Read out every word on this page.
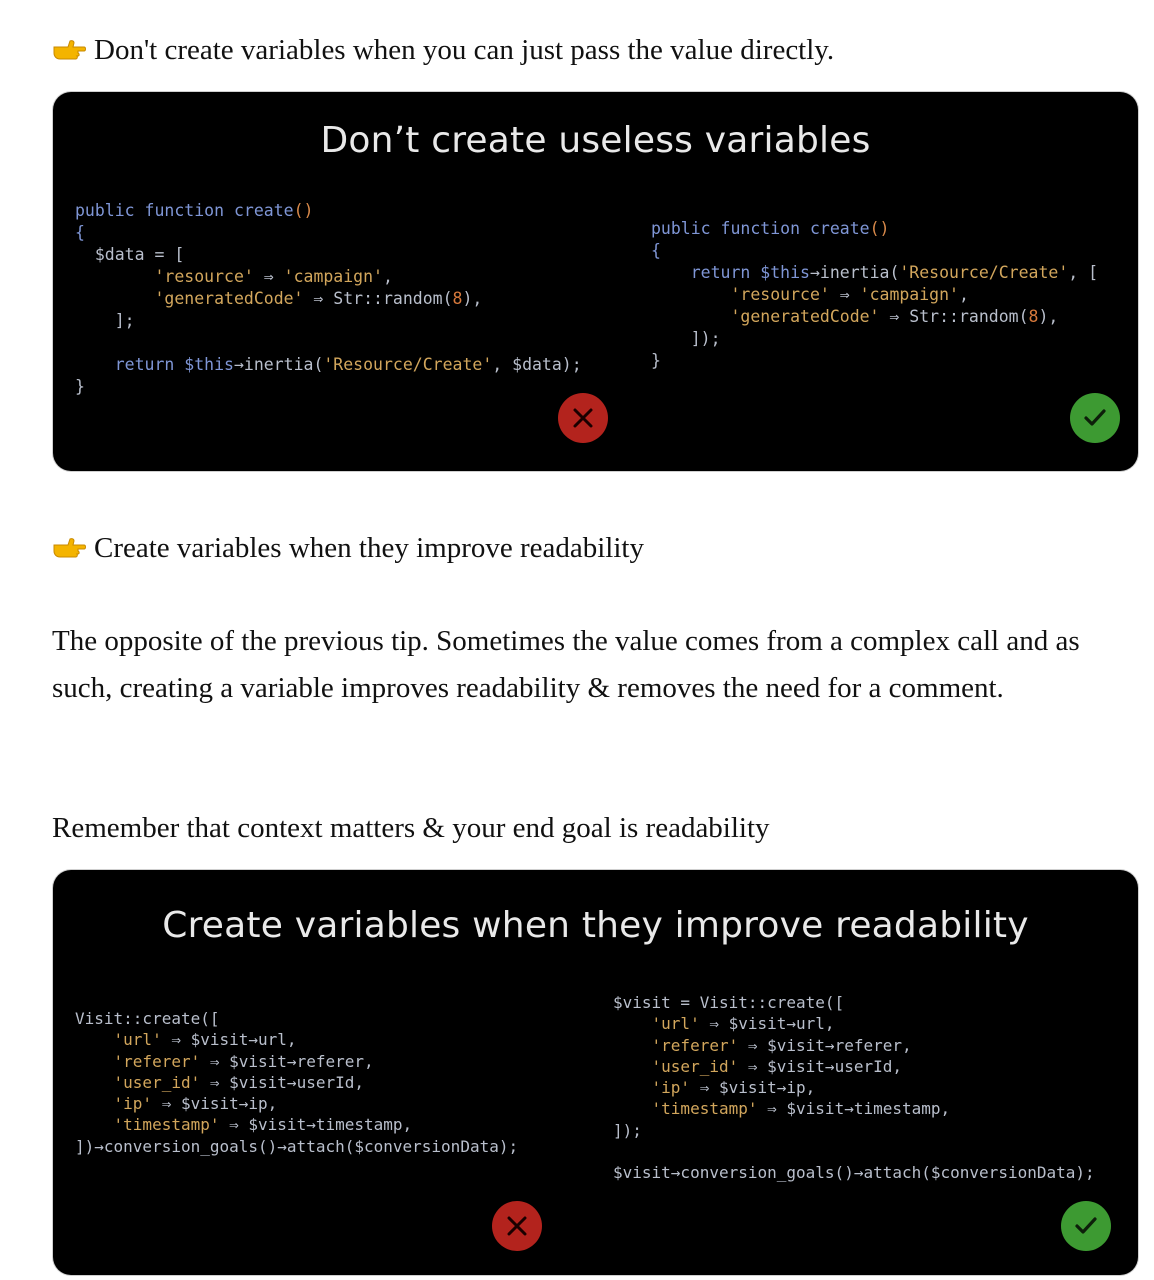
Don't create variables when you can just pass the value directly.
Don’t create useless variables
public function create()
{
$data = [
'resource' ⇒ 'campaign',
'generatedCode' ⇒ Str::random(8),
];

return $this→inertia('Resource/Create', $data);
}
public function create()
{
return $this→inertia('Resource/Create', [
'resource' ⇒ 'campaign',
'generatedCode' ⇒ Str::random(8),
]);
}
Create variables when they improve readability

The opposite of the previous tip. Sometimes the value comes from a complex call and as such, creating a variable improves readability & removes the need for a comment.

Remember that context matters & your end goal is readability

Create variables when they improve readability
Visit::create([
'url' ⇒ $visit→url,
'referer' ⇒ $visit→referer,
'user_id' ⇒ $visit→userId,
'ip' ⇒ $visit→ip,
'timestamp' ⇒ $visit→timestamp,
])→conversion_goals()→attach($conversionData);
$visit = Visit::create([
'url' ⇒ $visit→url,
'referer' ⇒ $visit→referer,
'user_id' ⇒ $visit→userId,
'ip' ⇒ $visit→ip,
'timestamp' ⇒ $visit→timestamp,
]);

$visit→conversion_goals()→attach($conversionData);
